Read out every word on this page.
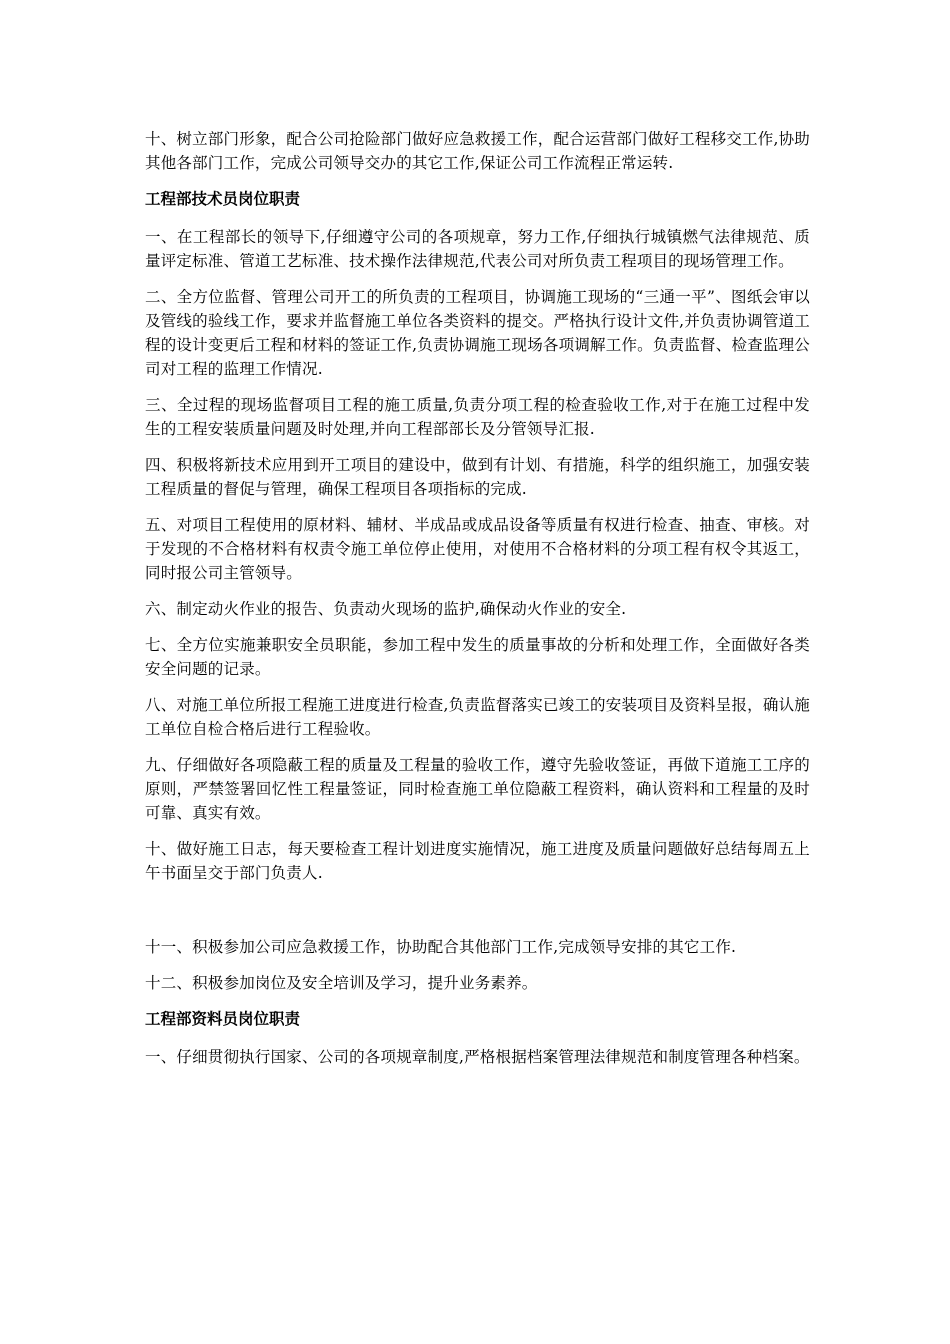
十、树立部门形象，配合公司抢险部门做好应急救援工作，配合运营部门做好工程移交工作,协助其他各部门工作，完成公司领导交办的其它工作,保证公司工作流程正常运转.

工程部技术员岗位职责

一、在工程部长的领导下,仔细遵守公司的各项规章，努力工作,仔细执行城镇燃气法律规范、质量评定标准、管道工艺标准、技术操作法律规范,代表公司对所负责工程项目的现场管理工作。

二、全方位监督、管理公司开工的所负责的工程项目，协调施工现场的“三通一平”、图纸会审以及管线的验线工作，要求并监督施工单位各类资料的提交。严格执行设计文件,并负责协调管道工程的设计变更后工程和材料的签证工作,负责协调施工现场各项调解工作。负责监督、检查监理公司对工程的监理工作情况.

三、全过程的现场监督项目工程的施工质量,负责分项工程的检查验收工作,对于在施工过程中发生的工程安装质量问题及时处理,并向工程部部长及分管领导汇报.

四、积极将新技术应用到开工项目的建设中，做到有计划、有措施，科学的组织施工，加强安装工程质量的督促与管理，确保工程项目各项指标的完成.

五、对项目工程使用的原材料、辅材、半成品或成品设备等质量有权进行检查、抽查、审核。对于发现的不合格材料有权责令施工单位停止使用，对使用不合格材料的分项工程有权令其返工，同时报公司主管领导。

六、制定动火作业的报告、负责动火现场的监护,确保动火作业的安全.

七、全方位实施兼职安全员职能，参加工程中发生的质量事故的分析和处理工作，全面做好各类安全问题的记录。

八、对施工单位所报工程施工进度进行检查,负责监督落实已竣工的安装项目及资料呈报，确认施工单位自检合格后进行工程验收。

九、仔细做好各项隐蔽工程的质量及工程量的验收工作，遵守先验收签证，再做下道施工工序的原则，严禁签署回忆性工程量签证，同时检查施工单位隐蔽工程资料，确认资料和工程量的及时可靠、真实有效。

十、做好施工日志，每天要检查工程计划进度实施情况，施工进度及质量问题做好总结每周五上午书面呈交于部门负责人.

十一、积极参加公司应急救援工作，协助配合其他部门工作,完成领导安排的其它工作.

十二、积极参加岗位及安全培训及学习，提升业务素养。

工程部资料员岗位职责

一、仔细贯彻执行国家、公司的各项规章制度,严格根据档案管理法律规范和制度管理各种档案。
